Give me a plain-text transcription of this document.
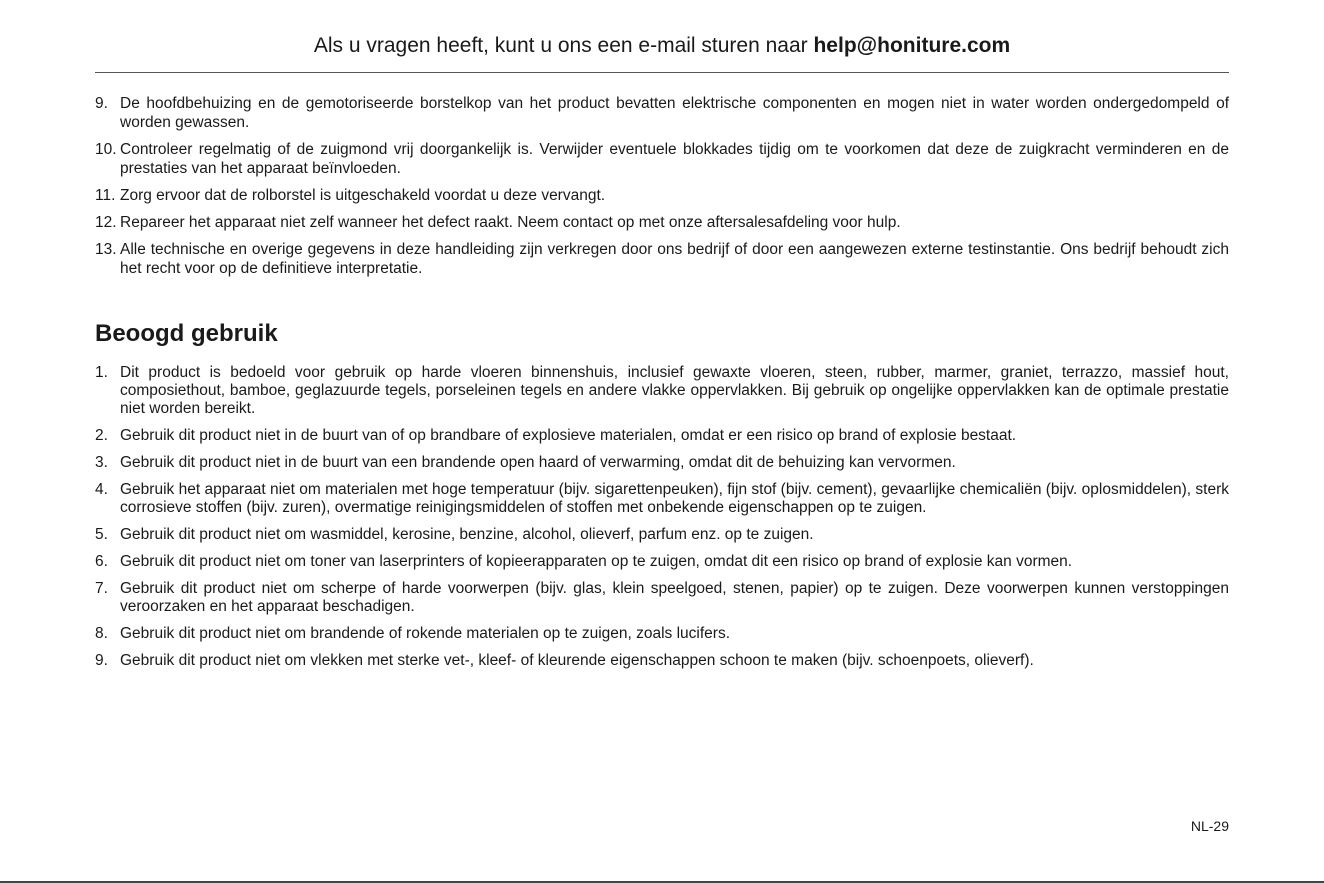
Als u vragen heeft, kunt u ons een e-mail sturen naar help@honiture.com
9. De hoofdbehuizing en de gemotoriseerde borstelkop van het product bevatten elektrische componenten en mogen niet in water worden ondergedompeld of worden gewassen.
10. Controleer regelmatig of de zuigmond vrij doorgankelijk is. Verwijder eventuele blokkades tijdig om te voorkomen dat deze de zuigkracht verminderen en de prestaties van het apparaat beïnvloeden.
11. Zorg ervoor dat de rolborstel is uitgeschakeld voordat u deze vervangt.
12. Repareer het apparaat niet zelf wanneer het defect raakt. Neem contact op met onze aftersalesafdeling voor hulp.
13. Alle technische en overige gegevens in deze handleiding zijn verkregen door ons bedrijf of door een aangewezen externe testinstantie. Ons bedrijf behoudt zich het recht voor op de definitieve interpretatie.
Beoogd gebruik
1. Dit product is bedoeld voor gebruik op harde vloeren binnenshuis, inclusief gewaxte vloeren, steen, rubber, marmer, graniet, terrazzo, massief hout, composiethout, bamboe, geglazuurde tegels, porseleinen tegels en andere vlakke oppervlakken. Bij gebruik op ongelijke oppervlakken kan de optimale prestatie niet worden bereikt.
2. Gebruik dit product niet in de buurt van of op brandbare of explosieve materialen, omdat er een risico op brand of explosie bestaat.
3. Gebruik dit product niet in de buurt van een brandende open haard of verwarming, omdat dit de behuizing kan vervormen.
4. Gebruik het apparaat niet om materialen met hoge temperatuur (bijv. sigarettenpeuken), fijn stof (bijv. cement), gevaarlijke chemicaliën (bijv. oplosmiddelen), sterk corrosieve stoffen (bijv. zuren), overmatige reinigingsmiddelen of stoffen met onbekende eigenschappen op te zuigen.
5. Gebruik dit product niet om wasmiddel, kerosine, benzine, alcohol, olieverf, parfum enz. op te zuigen.
6. Gebruik dit product niet om toner van laserprinters of kopieerapparaten op te zuigen, omdat dit een risico op brand of explosie kan vormen.
7. Gebruik dit product niet om scherpe of harde voorwerpen (bijv. glas, klein speelgoed, stenen, papier) op te zuigen. Deze voorwerpen kunnen verstoppingen veroorzaken en het apparaat beschadigen.
8. Gebruik dit product niet om brandende of rokende materialen op te zuigen, zoals lucifers.
9. Gebruik dit product niet om vlekken met sterke vet-, kleef- of kleurende eigenschappen schoon te maken (bijv. schoenpoets, olieverf).
NL-29
